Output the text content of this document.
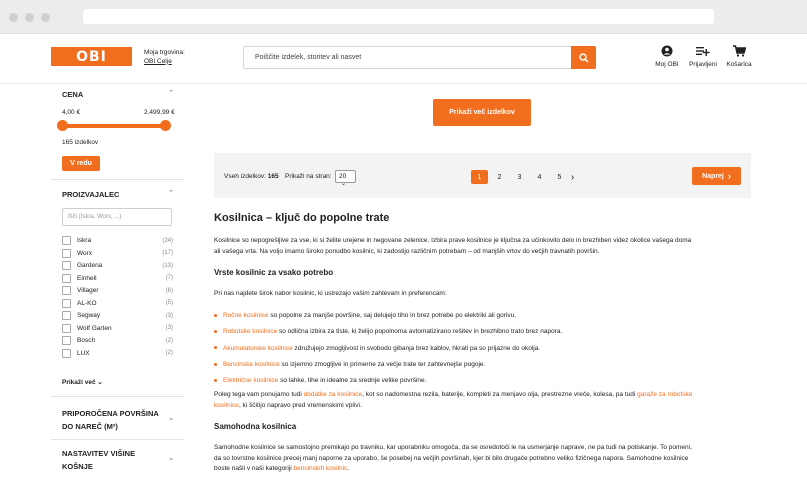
OBI	Moja trgovina:
OBI Celje	Poiščite izdelek, storitev ali nasvet
Moj OBI	Prijavljeni	Košarica
CENA	⌃
4,00 €	2.499,99 €
165 izdelkov
V redu
PROIZVAJALEC	⌃
Išči (Iskra, Worx, ...)
Iskra	(24)
Worx	(17)
Gardena	(13)
Einhell	(7)
Villager	(6)
AL-KO	(5)
Segway	(3)
Wolf Garten	(3)
Bosch	(2)
LUX	(2)
Prikaži več ⌄
PRIPOROČENA POVRŠINA
DO NAREČ (M²)
⌄
NASTAVITEV VIŠINE
KOŠNJE
⌄
Prikaži več izdelkov
Vseh izdelkov: 165 Prikaži na stran:	20 ⌄
1	2	3	4	5 ›	Naprej ›
Kosilnica – ključ do popolne trate
Kosilnice so nepogrešljive za vse, ki si želite urejene in negovane zelenice. Izbira prave kosilnice je ključna za učinkovito delo in brezhiben videz okolice vašega doma
ali vašega vrta. Na voljo imamo široko ponudbo kosilnic, ki zadostijo različnim potrebam – od manjših vrtov do večjih travnatih površin.
Vrste kosilnic za vsako potrebo
Pri nas najdete širok nabor kosilnic, ki ustrezajo vašim zahtevam in preferencam:
Ročne kosilnice so popolne za manjše površine, saj delujejo tiho in brez potrebe po elektriki ali gorivu.
Robotske kosilnice so odlična izbira za tiste, ki želijo popolnoma avtomatizirano rešitev in brezhibno trato brez napora.
Akumulatorske kosilnice združujejo zmogljivost in svobodo gibanja brez kablov, hkrati pa so prijazne do okolja.
Bencinske kosilnice so izjemno zmogljive in primerne za večje trate ter zahtevnejše pogoje.
Električne kosilnice so lahke, tihe in idealne za srednje velike površine.
Poleg tega vam ponujamo tudi dodatke za kosilnice, kot so nadomestna rezila, baterije, kompleti za menjavo olja, prestrezne vreče, kolesa, pa tudi garaže za robotske
kosilnice, ki ščitijo napravo pred vremenskimi vplivi.
Samohodna kosilnica
Samohodne kosilnice se samostojno premikajo po travniku, kar uporabniku omogoča, da se osredotoči le na usmerjanje naprave, ne pa tudi na potiskanje. To pomeni,
da so tovrstne kosilnice precej manj naporne za uporabo, še posebej na večjih površinah, kjer bi bilo drugače potrebno veliko fizičnega napora. Samohodne kosilnice
boste našli v naši kategoriji bencinskih kosilnic.
